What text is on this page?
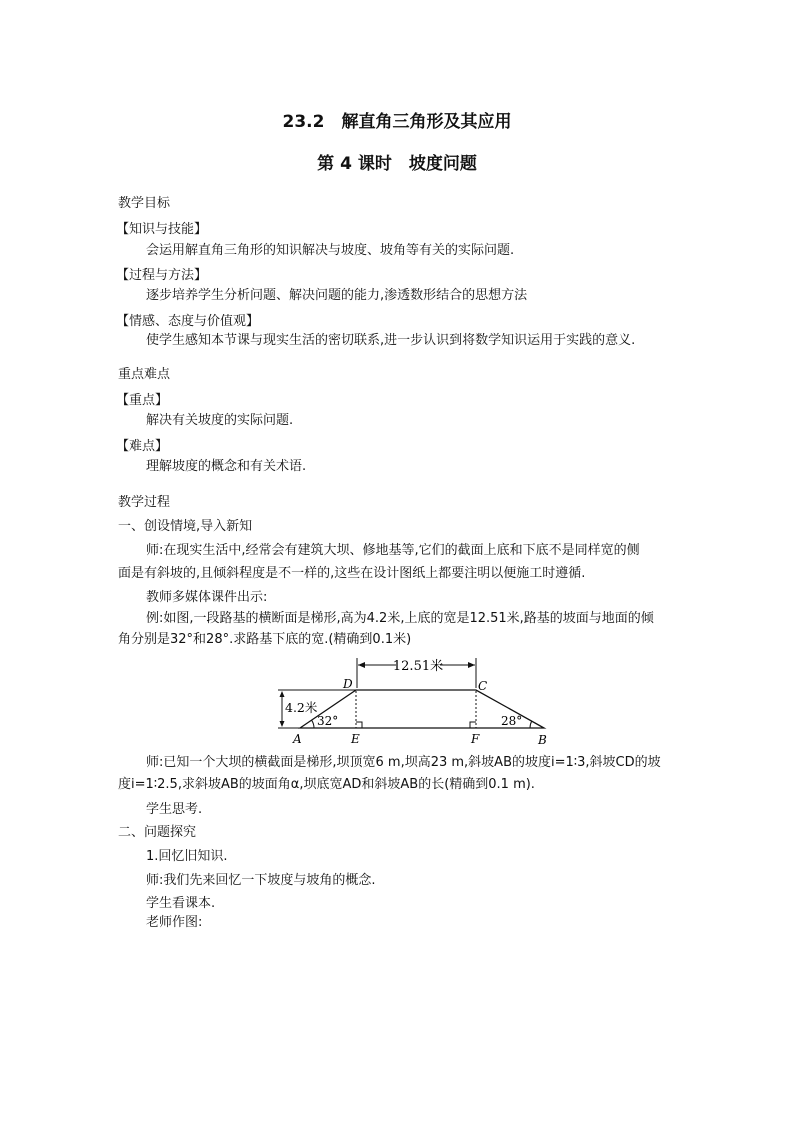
23.2　解直角三角形及其应用
第 4 课时　坡度问题
教学目标
【知识与技能】
会运用解直角三角形的知识解决与坡度、坡角等有关的实际问题.
【过程与方法】
逐步培养学生分析问题、解决问题的能力,渗透数形结合的思想方法
【情感、态度与价值观】
使学生感知本节课与现实生活的密切联系,进一步认识到将数学知识运用于实践的意义.
重点难点
【重点】
解决有关坡度的实际问题.
【难点】
理解坡度的概念和有关术语.
教学过程
一、创设情境,导入新知
师:在现实生活中,经常会有建筑大坝、修地基等,它们的截面上底和下底不是同样宽的侧
面是有斜坡的,且倾斜程度是不一样的,这些在设计图纸上都要注明以便施工时遵循.
教师多媒体课件出示:
例:如图,一段路基的横断面是梯形,高为4.2米,上底的宽是12.51米,路基的坡面与地面的倾
角分别是32°和28°.求路基下底的宽.(精确到0.1米)
12.51米
4.2米
32°	28°
D	C
A	E	F	B
师:已知一个大坝的横截面是梯形,坝顶宽6 m,坝高23 m,斜坡AB的坡度i=1∶3,斜坡CD的坡
度i=1∶2.5,求斜坡AB的坡面角α,坝底宽AD和斜坡AB的长(精确到0.1 m).
学生思考.
二、问题探究
1.回忆旧知识.
师:我们先来回忆一下坡度与坡角的概念.
学生看课本.
老师作图:
